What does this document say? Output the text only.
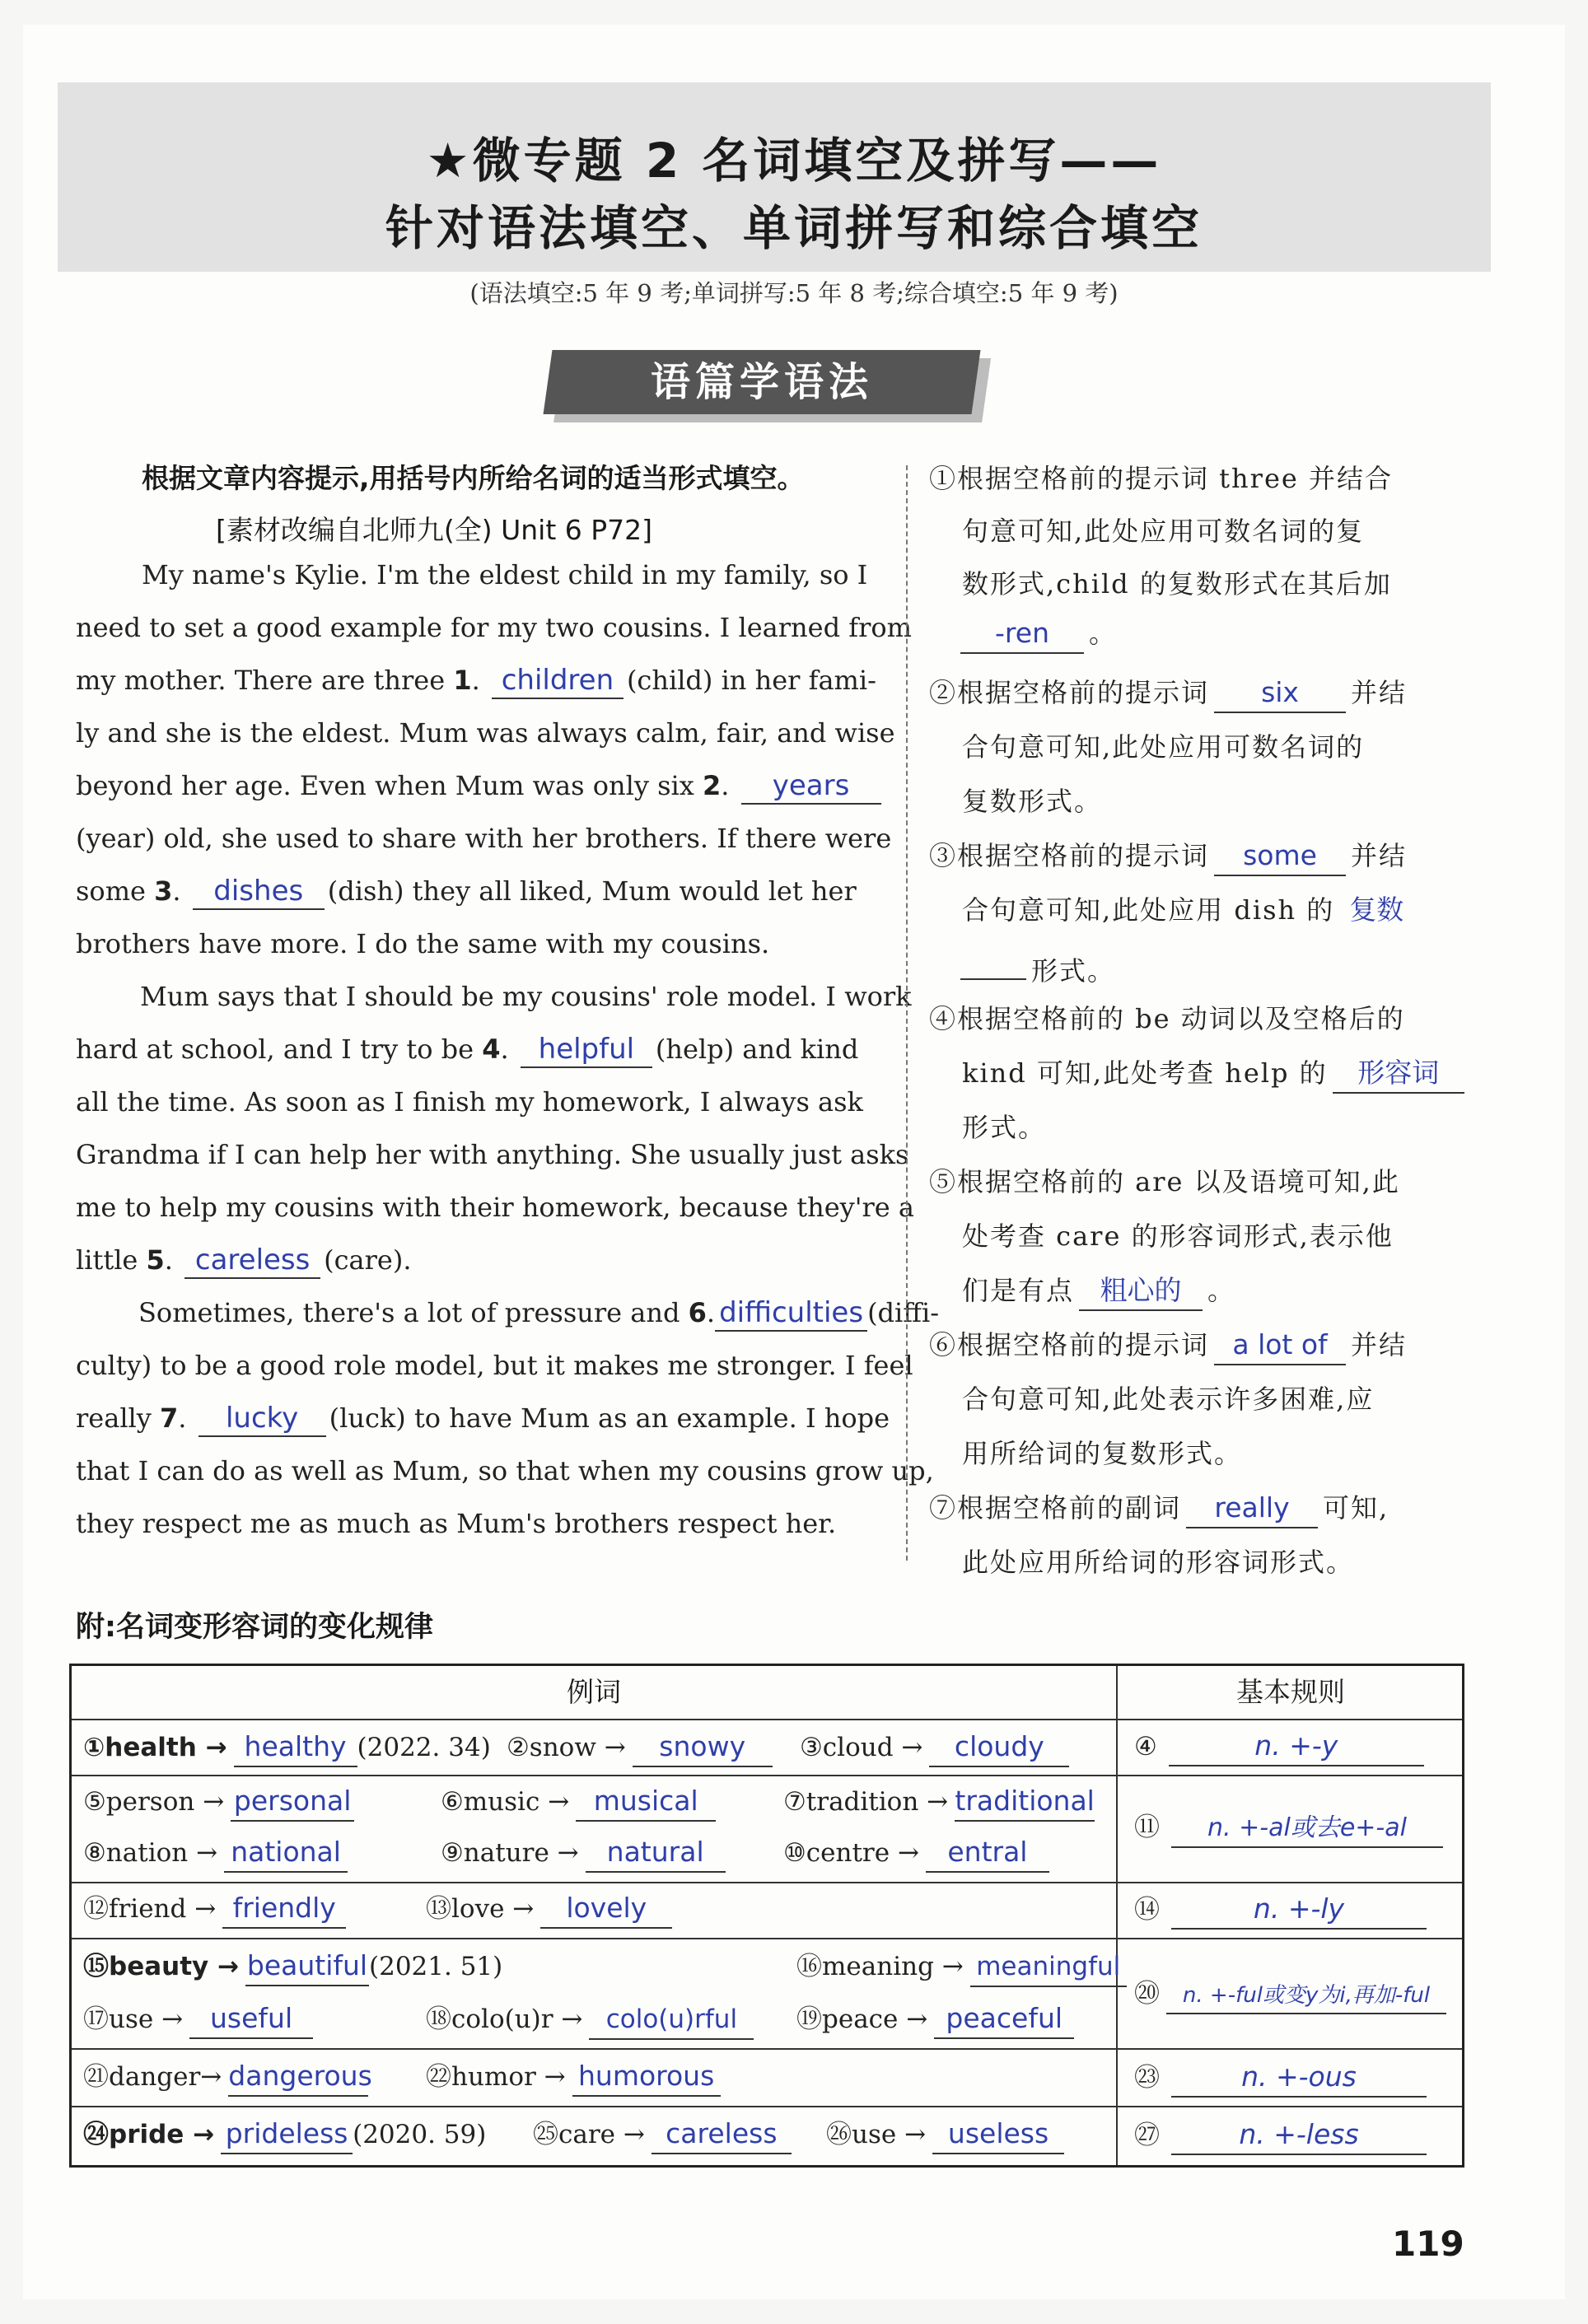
★微专题 2 名词填空及拼写——
针对语法填空、单词拼写和综合填空
(语法填空:5 年 9 考;单词拼写:5 年 8 考;综合填空:5 年 9 考)
语篇学语法
根据文章内容提示,用括号内所给名词的适当形式填空。
[素材改编自北师九(全) Unit 6 P72]
My name's Kylie. I'm the eldest child in my family, so I
need to set a good example for my two cousins. I learned from
my mother. There are three 1. children (child) in her fami-
ly and she is the eldest. Mum was always calm, fair, and wise
beyond her age. Even when Mum was only six 2. years
(year) old, she used to share with her brothers. If there were
some 3. dishes (dish) they all liked, Mum would let her
brothers have more. I do the same with my cousins.
Mum says that I should be my cousins' role model. I work
hard at school, and I try to be 4. helpful (help) and kind
all the time. As soon as I finish my homework, I always ask
Grandma if I can help her with anything. She usually just asks
me to help my cousins with their homework, because they're a
little 5. careless (care).
Sometimes, there's a lot of pressure and 6. difficulties (diffi-
culty) to be a good role model, but it makes me stronger. I feel
really 7. lucky (luck) to have Mum as an example. I hope
that I can do as well as Mum, so that when my cousins grow up,
they respect me as much as Mum's brothers respect her.
①根据空格前的提示词 three 并结合
句意可知,此处应用可数名词的复
数形式,child 的复数形式在其后加
-ren 。
②根据空格前的提示词 six 并结
合句意可知,此处应用可数名词的
复数形式。
③根据空格前的提示词 some 并结
合句意可知,此处应用 dish 的 复数
形式。
④根据空格前的 be 动词以及空格后的
kind 可知,此处考查 help 的 形容词
形式。
⑤根据空格前的 are 以及语境可知,此
处考查 care 的形容词形式,表示他
们是有点 粗心的 。
⑥根据空格前的提示词 a lot of 并结
合句意可知,此处表示许多困难,应
用所给词的复数形式。
⑦根据空格前的副词 really 可知,
此处应用所给词的形容词形式。
附:名词变形容词的变化规律
例词	基本规则
①health → healthy (2022. 34) ②snow → snowy	③cloud → cloudy	④	n. +-y
⑤person → personal	⑥music → musical	⑦tradition → traditional
⑧nation → national	⑨nature → natural	⑩centre → entral
⑪ n. +-al或去e+-al
⑫friend → friendly	⑬love → lovely	⑭	n. +-ly
⑮beauty → beautiful(2021. 51)	⑯meaning → meaningful
⑰use → useful	⑱colo(u)r → colo(u)rful	⑲peace → peaceful
⑳ n. +-ful或变y为i,再加-ful
㉑danger→ dangerous ㉒humor → humorous	㉓	n. +-ous
㉔pride → prideless (2020. 59) ㉕care → careless	㉖use → useless	㉗	n. +-less
119
